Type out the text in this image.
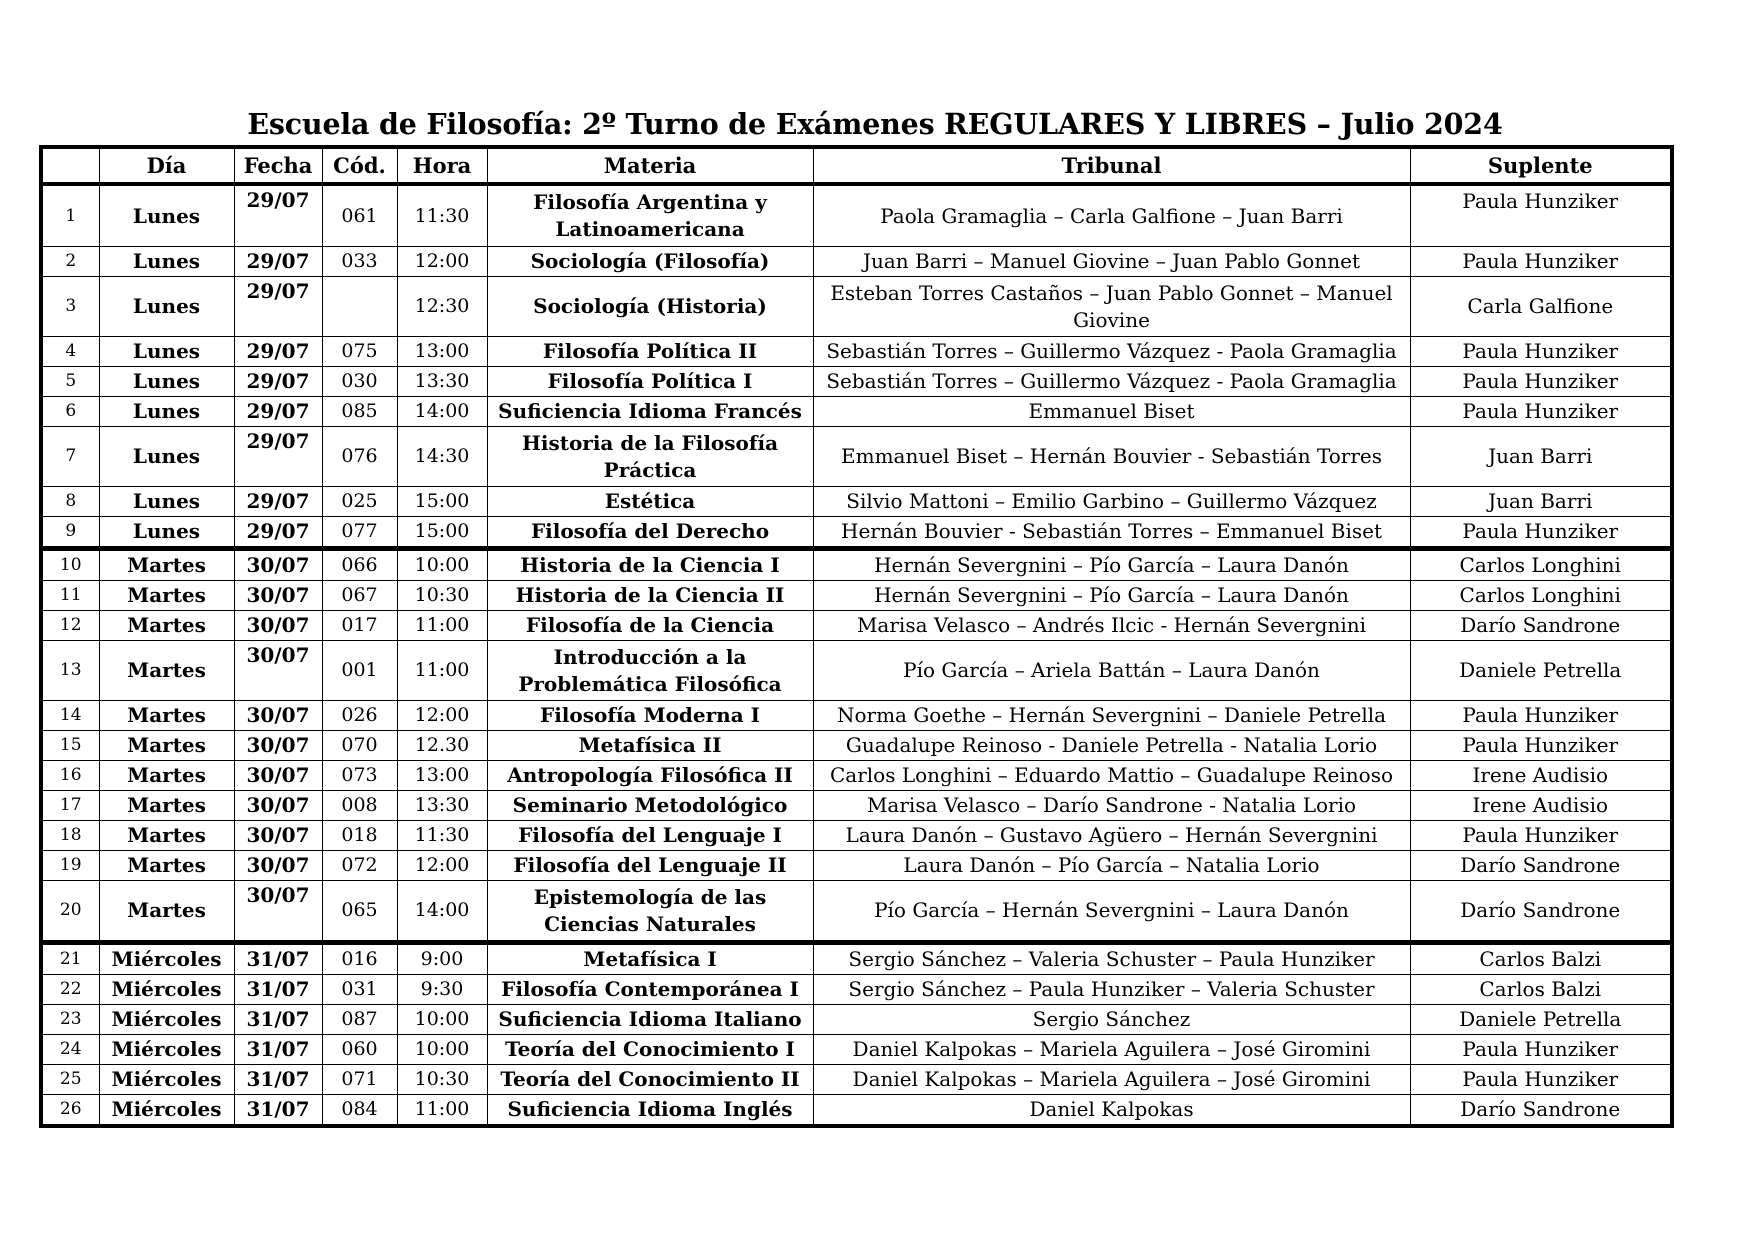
Escuela de Filosofía: 2º Turno de Exámenes REGULARES Y LIBRES – Julio 2024
	Día	Fecha	Cód.	Hora	Materia	Tribunal	Suplente
1	Lunes	29/07	061	11:30	Filosofía Argentina y Latinoamericana	Paola Gramaglia – Carla Galfione – Juan Barri	Paula Hunziker
2	Lunes	29/07	033	12:00	Sociología (Filosofía)	Juan Barri – Manuel Giovine – Juan Pablo Gonnet	Paula Hunziker
3	Lunes	29/07		12:30	Sociología (Historia)	Esteban Torres Castaños – Juan Pablo Gonnet – Manuel Giovine	Carla Galfione
4	Lunes	29/07	075	13:00	Filosofía Política II	Sebastián Torres – Guillermo Vázquez - Paola Gramaglia	Paula Hunziker
5	Lunes	29/07	030	13:30	Filosofía Política I	Sebastián Torres – Guillermo Vázquez - Paola Gramaglia	Paula Hunziker
6	Lunes	29/07	085	14:00	Suficiencia Idioma Francés	Emmanuel Biset	Paula Hunziker
7	Lunes	29/07	076	14:30	Historia de la Filosofía Práctica	Emmanuel Biset – Hernán Bouvier - Sebastián Torres	Juan Barri
8	Lunes	29/07	025	15:00	Estética	Silvio Mattoni – Emilio Garbino – Guillermo Vázquez	Juan Barri
9	Lunes	29/07	077	15:00	Filosofía del Derecho	Hernán Bouvier - Sebastián Torres – Emmanuel Biset	Paula Hunziker
10	Martes	30/07	066	10:00	Historia de la Ciencia I	Hernán Severgnini – Pío García – Laura Danón	Carlos Longhini
11	Martes	30/07	067	10:30	Historia de la Ciencia II	Hernán Severgnini – Pío García – Laura Danón	Carlos Longhini
12	Martes	30/07	017	11:00	Filosofía de la Ciencia	Marisa Velasco – Andrés Ilcic - Hernán Severgnini	Darío Sandrone
13	Martes	30/07	001	11:00	Introducción a la Problemática Filosófica	Pío García – Ariela Battán – Laura Danón	Daniele Petrella
14	Martes	30/07	026	12:00	Filosofía Moderna I	Norma Goethe – Hernán Severgnini – Daniele Petrella	Paula Hunziker
15	Martes	30/07	070	12.30	Metafísica II	Guadalupe Reinoso - Daniele Petrella - Natalia Lorio	Paula Hunziker
16	Martes	30/07	073	13:00	Antropología Filosófica II	Carlos Longhini – Eduardo Mattio – Guadalupe Reinoso	Irene Audisio
17	Martes	30/07	008	13:30	Seminario Metodológico	Marisa Velasco – Darío Sandrone - Natalia Lorio	Irene Audisio
18	Martes	30/07	018	11:30	Filosofía del Lenguaje I	Laura Danón – Gustavo Agüero – Hernán Severgnini	Paula Hunziker
19	Martes	30/07	072	12:00	Filosofía del Lenguaje II	Laura Danón – Pío García – Natalia Lorio	Darío Sandrone
20	Martes	30/07	065	14:00	Epistemología de las Ciencias Naturales	Pío García – Hernán Severgnini – Laura Danón	Darío Sandrone
21	Miércoles	31/07	016	9:00	Metafísica I	Sergio Sánchez – Valeria Schuster – Paula Hunziker	Carlos Balzi
22	Miércoles	31/07	031	9:30	Filosofía Contemporánea I	Sergio Sánchez – Paula Hunziker – Valeria Schuster	Carlos Balzi
23	Miércoles	31/07	087	10:00	Suficiencia Idioma Italiano	Sergio Sánchez	Daniele Petrella
24	Miércoles	31/07	060	10:00	Teoría del Conocimiento I	Daniel Kalpokas – Mariela Aguilera – José Giromini	Paula Hunziker
25	Miércoles	31/07	071	10:30	Teoría del Conocimiento II	Daniel Kalpokas – Mariela Aguilera – José Giromini	Paula Hunziker
26	Miércoles	31/07	084	11:00	Suficiencia Idioma Inglés	Daniel Kalpokas	Darío Sandrone
